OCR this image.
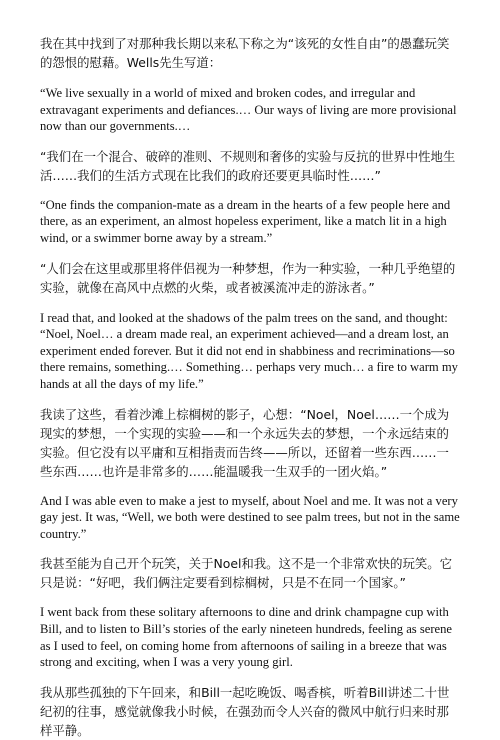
我在其中找到了对那种我长期以来私下称之为“该死的女性自由”的愚蠢玩笑的怨恨的慰藉。Wells先生写道：

“We live sexually in a world of mixed and broken codes, and irregular and extravagant experiments and defiances.… Our ways of living are more provisional now than our governments.…

“我们在一个混合、破碎的准则、不规则和奢侈的实验与反抗的世界中性地生活……我们的生活方式现在比我们的政府还要更具临时性……”

“One finds the companion-mate as a dream in the hearts of a few people here and there, as an experiment, an almost hopeless experiment, like a match lit in a high wind, or a swimmer borne away by a stream.”

“人们会在这里或那里将伴侣视为一种梦想，作为一种实验，一种几乎绝望的实验，就像在高风中点燃的火柴，或者被溪流冲走的游泳者。”

I read that, and looked at the shadows of the palm trees on the sand, and thought: “Noel, Noel… a dream made real, an experiment achieved—and a dream lost, an experiment ended forever. But it did not end in shabbiness and recriminations—so there remains, something.… Something… perhaps very much… a fire to warm my hands at all the days of my life.”

我读了这些，看着沙滩上棕榈树的影子，心想：“Noel，Noel……一个成为现实的梦想，一个实现的实验——和一个永远失去的梦想，一个永远结束的实验。但它没有以平庸和互相指责而告终——所以，还留着一些东西……一些东西……也许是非常多的……能温暖我一生双手的一团火焰。”

And I was able even to make a jest to myself, about Noel and me. It was not a very gay jest. It was, “Well, we both were destined to see palm trees, but not in the same country.”

我甚至能为自己开个玩笑，关于Noel和我。这不是一个非常欢快的玩笑。它只是说：“好吧，我们俩注定要看到棕榈树，只是不在同一个国家。”

I went back from these solitary afternoons to dine and drink champagne cup with Bill, and to listen to Bill’s stories of the early nineteen hundreds, feeling as serene as I used to feel, on coming home from afternoons of sailing in a breeze that was strong and exciting, when I was a very young girl.

我从那些孤独的下午回来，和Bill一起吃晚饭、喝香槟，听着Bill讲述二十世纪初的往事，感觉就像我小时候，在强劲而令人兴奋的微风中航行归来时那样平静。
